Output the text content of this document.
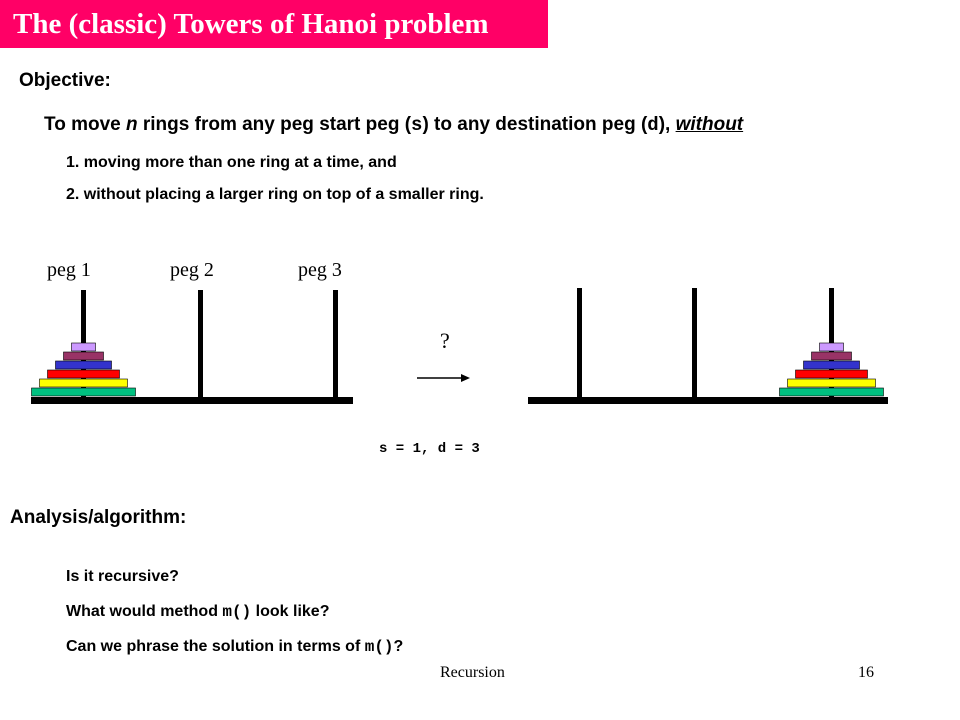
The (classic) Towers of Hanoi problem
Objective:
To move n rings from any peg start peg (s) to any destination peg (d), without
1. moving more than one ring at a time, and
2. without placing a larger ring on top of a smaller ring.
peg 1	peg 2	peg 3
?
s = 1, d = 3
Analysis/algorithm:
Is it recursive?
What would method m() look like?
Can we phrase the solution in terms of m()?
Recursion	16
